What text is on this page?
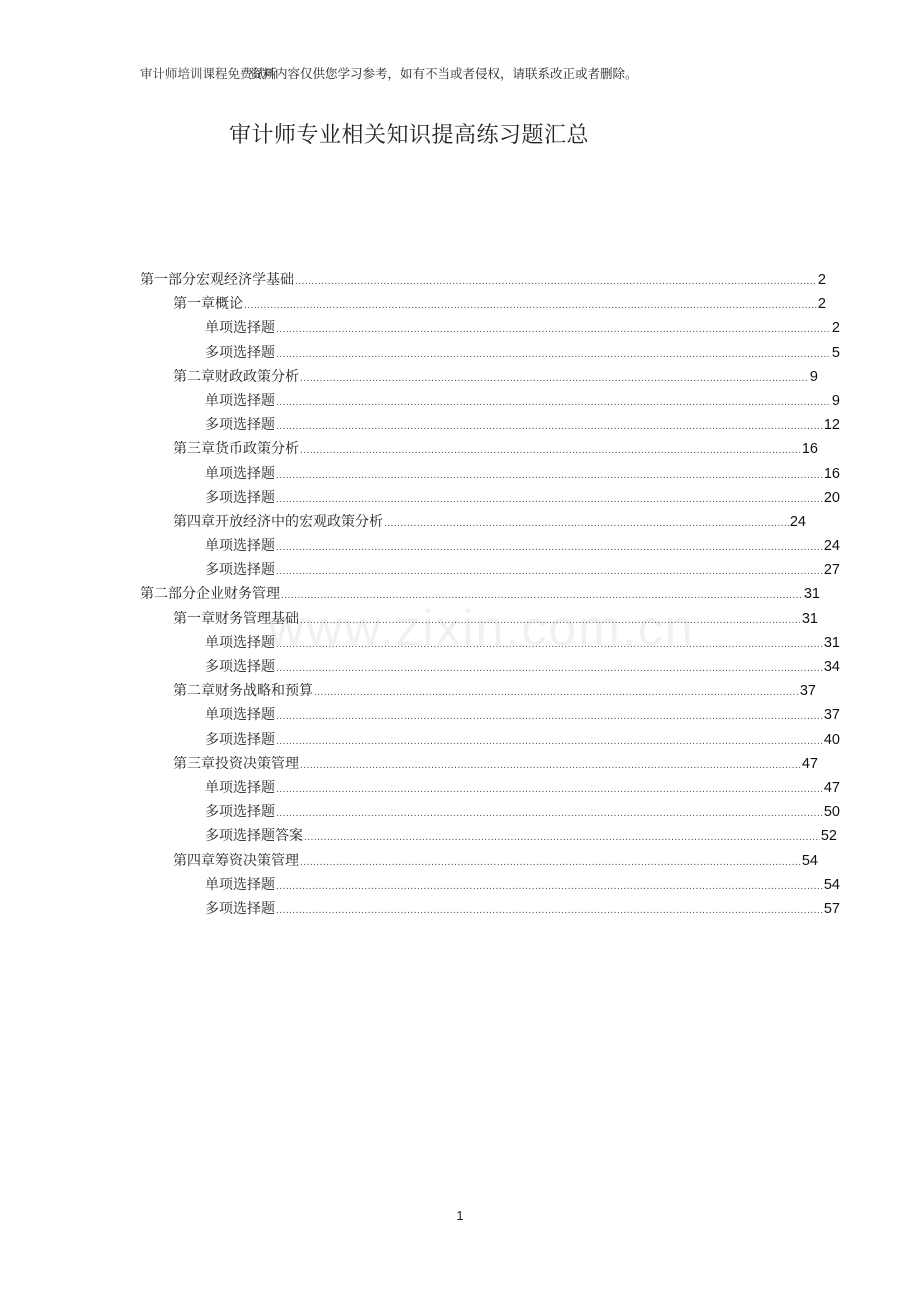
审计师培训课程免费试听
资料内容仅供您学习参考，如有不当或者侵权，请联系改正或者删除。
审计师专业相关知识提高练习题汇总
www.zixin.com.cn
第一部分宏观经济学基础 .....	2
第一章概论 .....	2
单项选择题 .....	2
多项选择题 .....	5
第二章财政政策分析 .....	9
单项选择题 .....	9
多项选择题 .....	12
第三章货币政策分析 .....	16
单项选择题 .....	16
多项选择题 .....	20
第四章开放经济中的宏观政策分析 .....	24
单项选择题 .....	24
多项选择题 .....	27
第二部分企业财务管理 .....	31
第一章财务管理基础 .....	31
单项选择题 .....	31
多项选择题 .....	34
第二章财务战略和预算 .....	37
单项选择题 .....	37
多项选择题 .....	40
第三章投资决策管理 .....	47
单项选择题 .....	47
多项选择题 .....	50
多项选择题答案 .....	52
第四章筹资决策管理 .....	54
单项选择题 .....	54
多项选择题 .....	57
1
